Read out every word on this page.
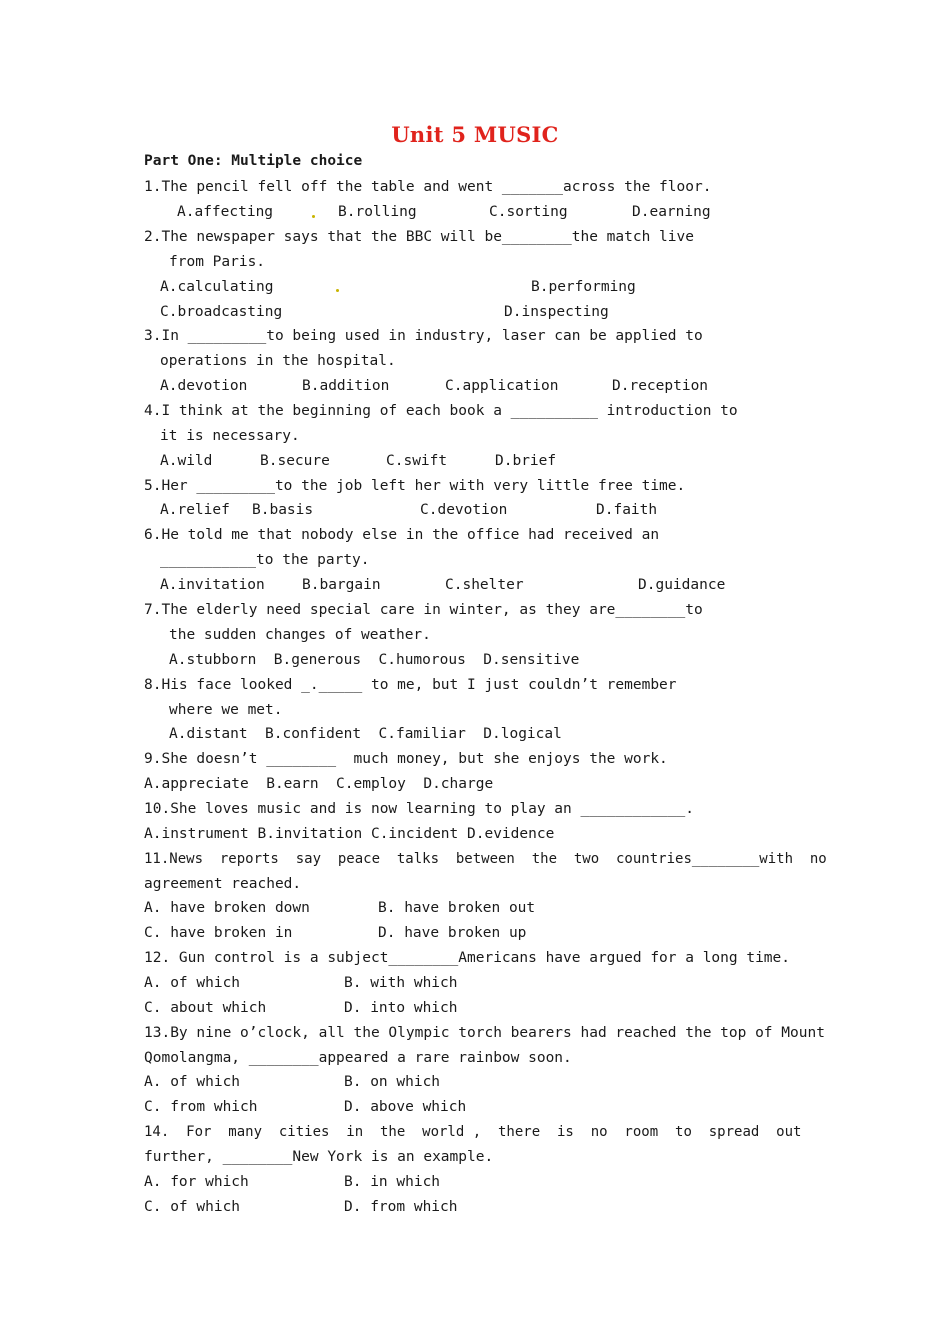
Unit 5 MUSIC
Part One: Multiple choice
1.The pencil fell off the table and went _______across the floor.
A.affecting	B.rolling	C.sorting	D.earning
2.The newspaper says that the BBC will be________the match live
from Paris.
A.calculating	B.performing
C.broadcasting	D.inspecting
3.In _________to being used in industry, laser can be applied to
operations in the hospital.
A.devotion	B.addition	C.application	D.reception
4.I think at the beginning of each book a __________ introduction to
it is necessary.
A.wild	B.secure	C.swift	D.brief
5.Her _________to the job left her with very little free time.
A.relief B.basis	C.devotion	D.faith
6.He told me that nobody else in the office had received an
___________to the party.
A.invitation	B.bargain	C.shelter	D.guidance
7.The elderly need special care in winter, as they are________to
the sudden changes of weather.
A.stubborn  B.generous  C.humorous  D.sensitive
8.His face looked _._____ to me, but I just couldn’t remember
where we met.
A.distant  B.confident  C.familiar  D.logical
9.She doesn’t ________  much money, but she enjoys the work.
A.appreciate  B.earn  C.employ  D.charge
10.She loves music and is now learning to play an ____________.
A.instrument B.invitation C.incident D.evidence
11.News  reports  say  peace  talks  between  the  two  countries________with  no
agreement reached.
A. have broken down	B. have broken out
C. have broken in	D. have broken up
12. Gun control is a subject________Americans have argued for a long time.
A. of which	B. with which
C. about which	D. into which
13.By nine o’clock, all the Olympic torch bearers had reached the top of Mount
Qomolangma, ________appeared a rare rainbow soon.
A. of which	B. on which
C. from which	D. above which
14.  For  many  cities  in  the  world ,  there  is  no  room  to  spread  out
further, ________New York is an example.
A. for which	B. in which
C. of which	D. from which
